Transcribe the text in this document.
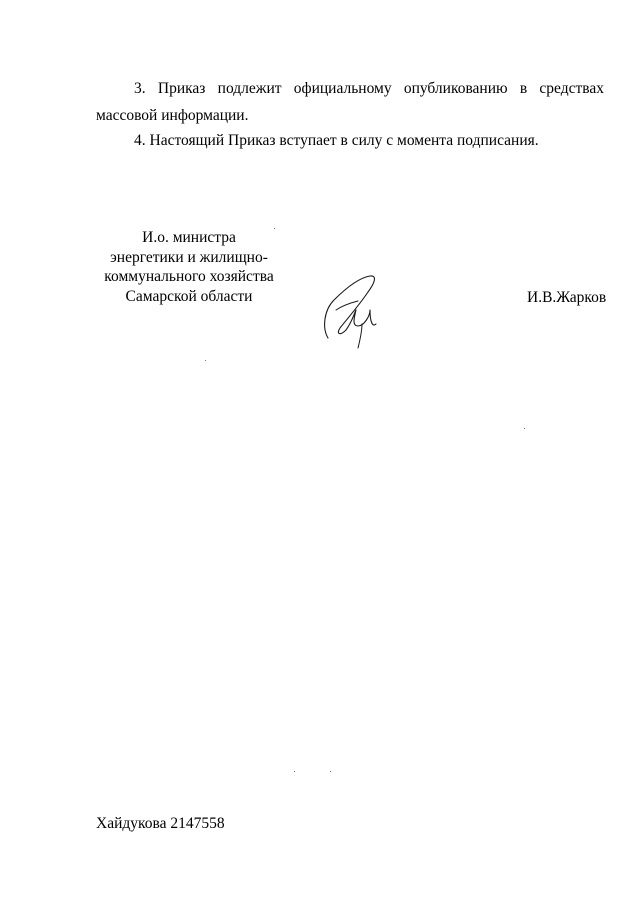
3. Приказ подлежит официальному опубликованию в средствах массовой информации.

4. Настоящий Приказ вступает в силу с момента подписания.

И.о. министра
энергетики и жилищно-
коммунального хозяйства
Самарской области	И.В.Жарков
Хайдукова 2147558
